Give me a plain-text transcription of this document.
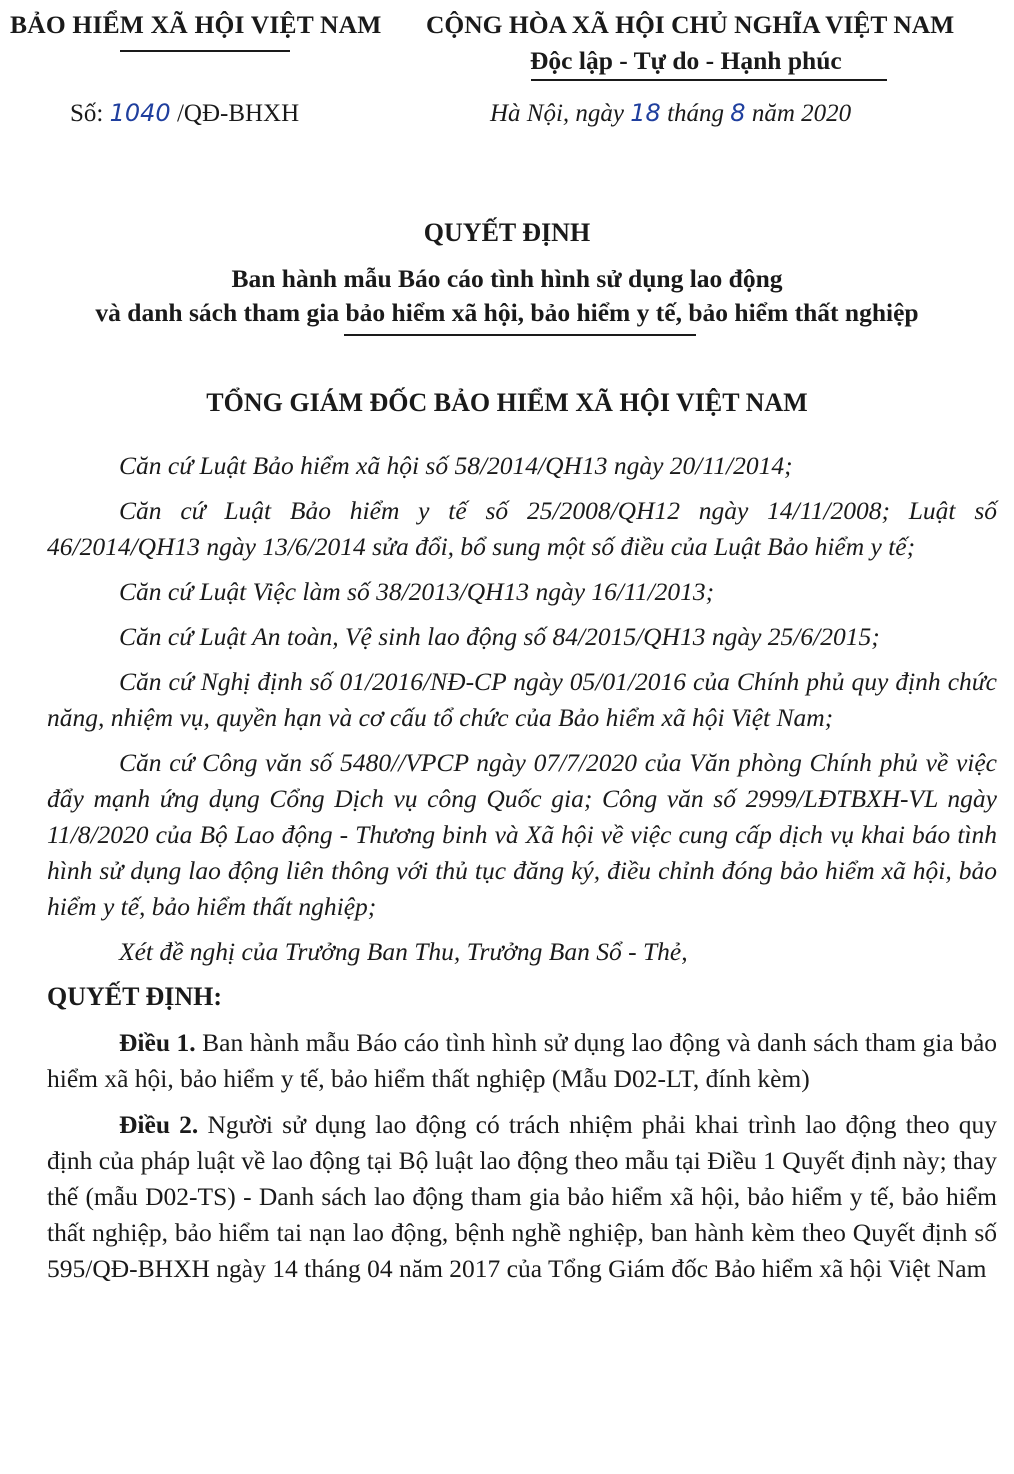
BẢO HIỂM XÃ HỘI VIỆT NAM CỘNG HÒA XÃ HỘI CHỦ NGHĨA VIỆT NAM
Độc lập - Tự do - Hạnh phúc
Số: 1040 /QĐ-BHXH	Hà Nội, ngày 18 tháng 8 năm 2020

QUYẾT ĐỊNH

Ban hành mẫu Báo cáo tình hình sử dụng lao động
và danh sách tham gia bảo hiểm xã hội, bảo hiểm y tế, bảo hiểm thất nghiệp

TỔNG GIÁM ĐỐC BẢO HIỂM XÃ HỘI VIỆT NAM

Căn cứ Luật Bảo hiểm xã hội số 58/2014/QH13 ngày 20/11/2014;

Căn cứ Luật Bảo hiểm y tế số 25/2008/QH12 ngày 14/11/2008; Luật số 46/2014/QH13 ngày 13/6/2014 sửa đổi, bổ sung một số điều của Luật Bảo hiểm y tế;

Căn cứ Luật Việc làm số 38/2013/QH13 ngày 16/11/2013;

Căn cứ Luật An toàn, Vệ sinh lao động số 84/2015/QH13 ngày 25/6/2015;

Căn cứ Nghị định số 01/2016/NĐ-CP ngày 05/01/2016 của Chính phủ quy định chức năng, nhiệm vụ, quyền hạn và cơ cấu tổ chức của Bảo hiểm xã hội Việt Nam;

Căn cứ Công văn số 5480//VPCP ngày 07/7/2020 của Văn phòng Chính phủ về việc đẩy mạnh ứng dụng Cổng Dịch vụ công Quốc gia; Công văn số 2999/LĐTBXH-VL ngày 11/8/2020 của Bộ Lao động - Thương binh và Xã hội về việc cung cấp dịch vụ khai báo tình hình sử dụng lao động liên thông với thủ tục đăng ký, điều chỉnh đóng bảo hiểm xã hội, bảo hiểm y tế, bảo hiểm thất nghiệp;

Xét đề nghị của Trưởng Ban Thu, Trưởng Ban Sổ - Thẻ,

QUYẾT ĐỊNH:

Điều 1. Ban hành mẫu Báo cáo tình hình sử dụng lao động và danh sách tham gia bảo hiểm xã hội, bảo hiểm y tế, bảo hiểm thất nghiệp (Mẫu D02-LT, đính kèm)

Điều 2. Người sử dụng lao động có trách nhiệm phải khai trình lao động theo quy định của pháp luật về lao động tại Bộ luật lao động theo mẫu tại Điều 1 Quyết định này; thay thế (mẫu D02-TS) - Danh sách lao động tham gia bảo hiểm xã hội, bảo hiểm y tế, bảo hiểm thất nghiệp, bảo hiểm tai nạn lao động, bệnh nghề nghiệp, ban hành kèm theo Quyết định số 595/QĐ-BHXH ngày 14 tháng 04 năm 2017 của Tổng Giám đốc Bảo hiểm xã hội Việt Nam
